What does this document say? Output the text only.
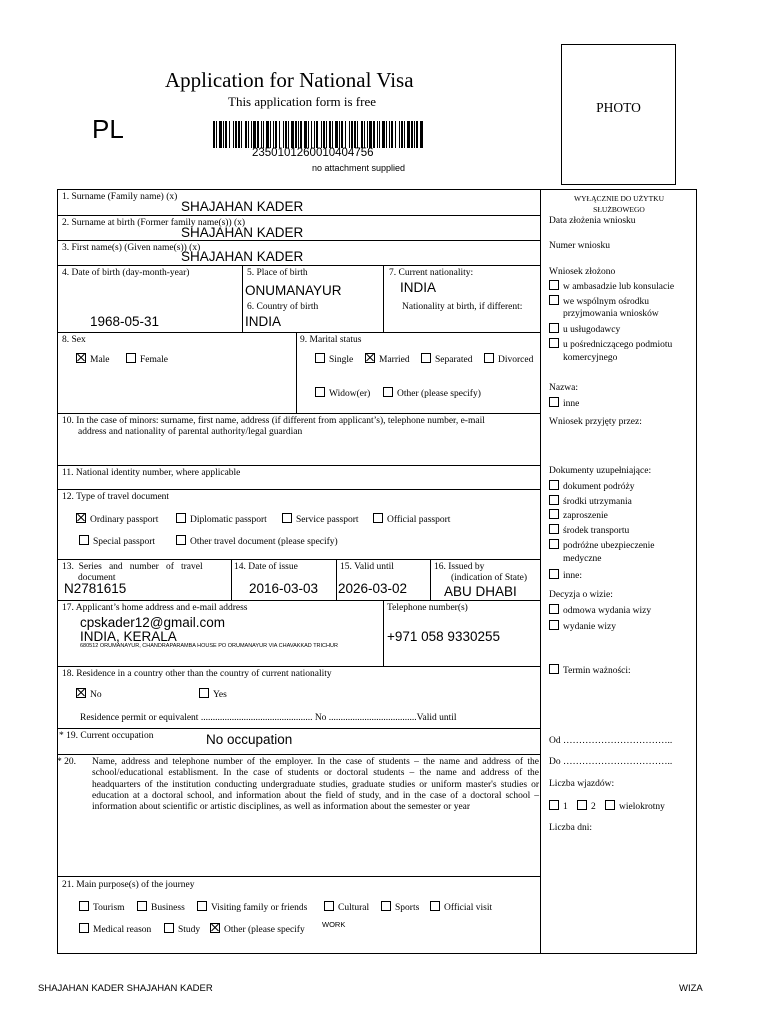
Application for National Visa
This application form is free
PL
2350101260010404756
no attachment supplied
PHOTO
1. Surname (Family name) (x)
SHAJAHAN KADER
2. Surname at birth (Former family name(s)) (x)
SHAJAHAN KADER
3. First name(s) (Given name(s)) (x)
SHAJAHAN KADER
4. Date of birth (day-month-year)
1968-05-31
5. Place of birth
ONUMANAYUR
6. Country of birth
INDIA
7. Current nationality:
INDIA
Nationality at birth, if different:
8. Sex
Male	Female
9. Marital status
Single	Married	Separated	Divorced
Widow(er)	Other (please specify)
10. In the case of minors: surname, first name, address (if different from applicant’s), telephone number, e-mail
address and nationality of parental authority/legal guardian
11. National identity number, where applicable
12. Type of travel document
Ordinary passport	Diplomatic passport	Service passport	Official passport
Special passport	Other travel document (please specify)
13.  Series   and   number   of   travel
document
N2781615
14. Date of issue
2016-03-03
15. Valid until
2026-03-02
16. Issued by
(indication of State)
ABU DHABI
17. Applicant’s home address and e-mail address
cpskader12@gmail.com
INDIA, KERALA
680512 ORUMANAYUR, CHANDRAPARAMBA HOUSE PO ORUMANAYUR VIA CHAVAKKAD TRICHUR
Telephone number(s)
+971 058 9330255
18. Residence in a country other than the country of current nationality
No	Yes
Residence permit or equivalent ............................................... No .....................................Valid until
* 19. Current occupation	No occupation
* 20. Name, address and telephone number of the employer. In the case of students – the name and address of the school/educational establisment. In the case of students or doctoral students – the name and address of the headquarters of the institution conducting undergraduate studies, graduate studies or uniform master's studies or education at a doctoral school, and information about the field of study, and in the case of a doctoral school – information about scientific or artistic disciplines, as well as information about the semester or year
21. Main purpose(s) of the journey
Tourism	Business	Visiting family or friends	Cultural	Sports	Official visit
Medical reason	Study	Other (please specify
WORK
WYŁĄCZNIE DO UŻYTKU
SŁUŻBOWEGO
Data złożenia wniosku
Numer wniosku
Wniosek złożono
w ambasadzie lub konsulacie
we wspólnym ośrodku
przyjmowania wniosków
u usługodawcy
u pośredniczącego podmiotu
komercyjnego
Nazwa:
inne
Wniosek przyjęty przez:
Dokumenty uzupełniające:
dokument podróży
środki utrzymania
zaproszenie
środek transportu
podróżne ubezpieczenie
medyczne
inne:
Decyzja o wizie:
odmowa wydania wizy
wydanie wizy
Termin ważności:
Od ……………………………..
Do ……………………………..
Liczba wjazdów:
1	2	wielokrotny
Liczba dni:
SHAJAHAN KADER SHAJAHAN KADER	WIZA
